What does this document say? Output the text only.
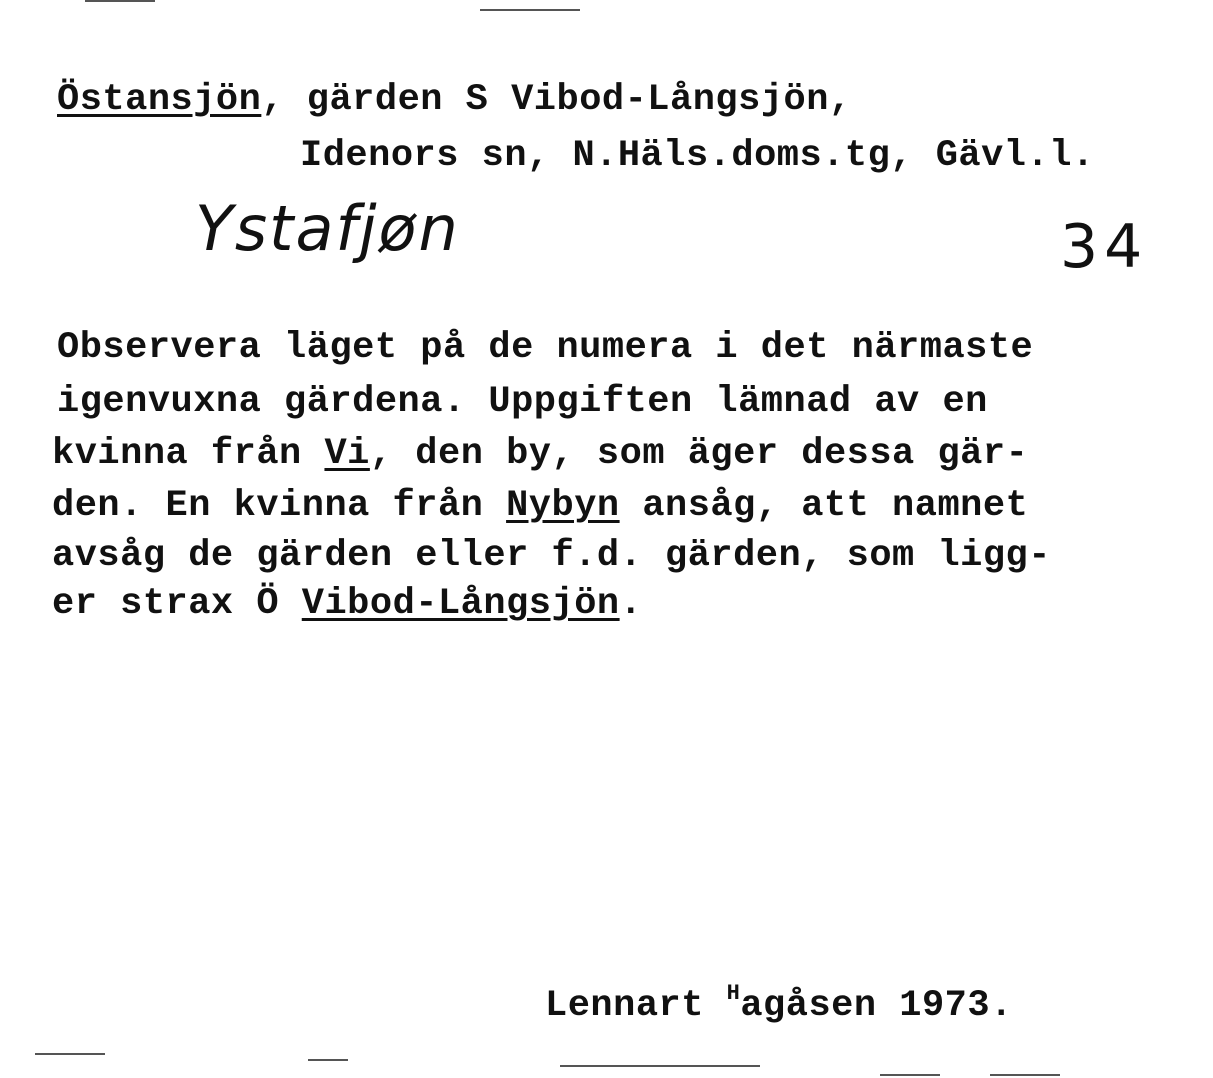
Östansjön, gärden S Vibod-Långsjön,
Idenors sn, N.Häls.doms.tg, Gävl.l.
Ystafjøn	34
Observera läget på de numera i det närmaste
igenvuxna gärdena. Uppgiften lämnad av en
kvinna från Vi, den by, som äger dessa gär-
den. En kvinna från Nybyn ansåg, att namnet
avsåg de gärden eller f.d. gärden, som ligg-
er strax Ö Vibod-Långsjön.
Lennart $^H$agåsen 1973.
